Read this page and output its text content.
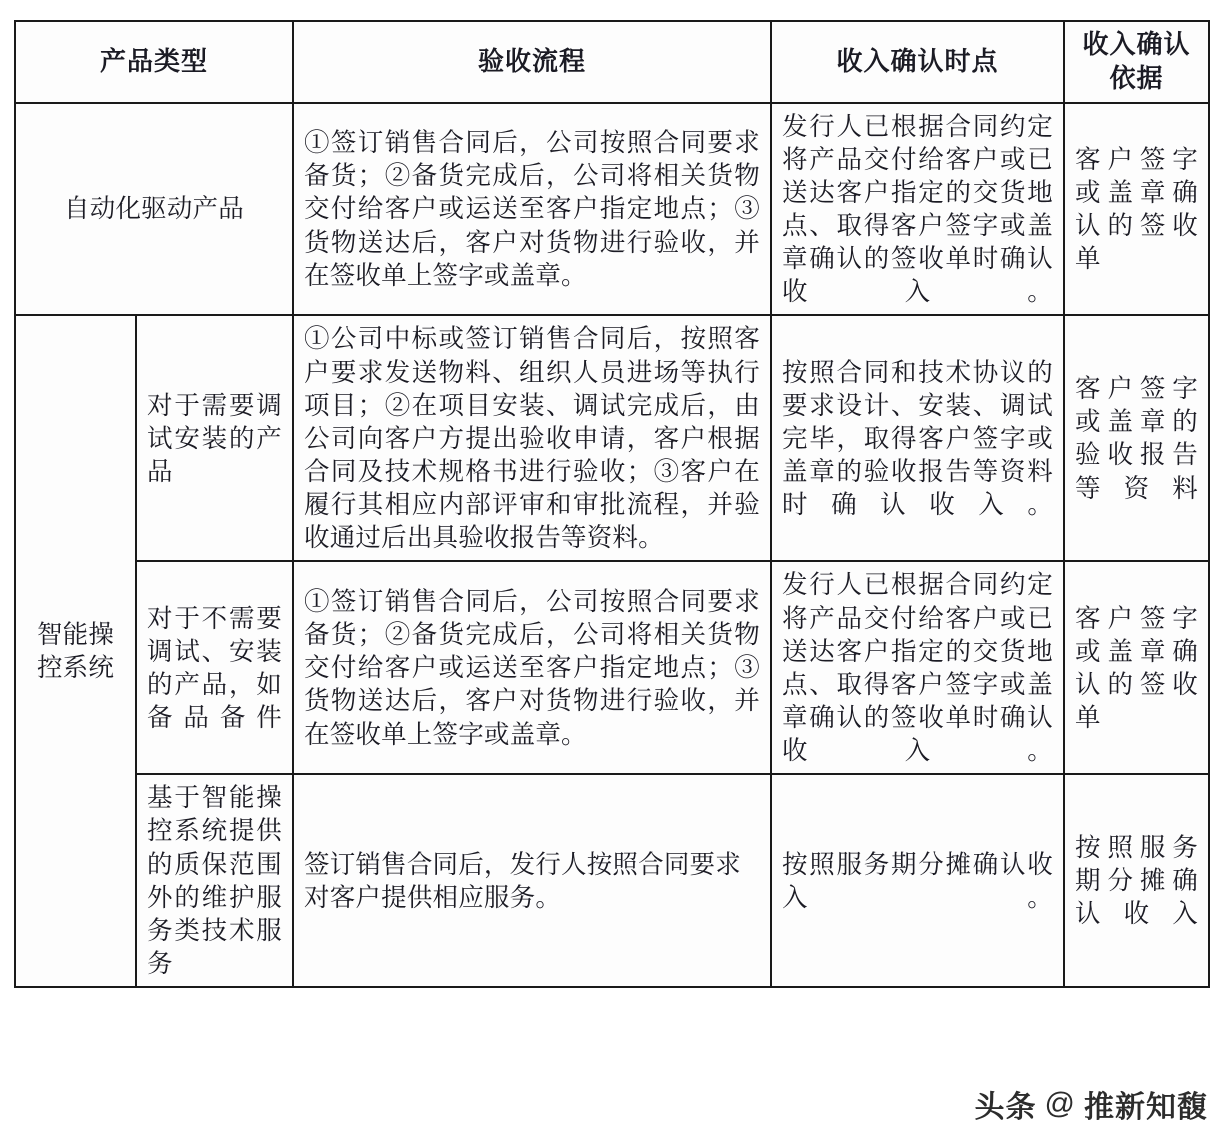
产品类型		验收流程	收入确认时点	收入确认依据
自动化驱动产品		①签订销售合同后，公司按照合同要求备货；②备货完成后，公司将相关货物交付给客户或运送至客户指定地点；③货物送达后，客户对货物进行验收，并在签收单上签字或盖章。	发行人已根据合同约定将产品交付给客户或已送达客户指定的交货地点、取得客户签字或盖章确认的签收单时确认收入。	客户签字或盖章确认的签收单
智能操控系统	对于需要调试安装的产品	①公司中标或签订销售合同后，按照客户要求发送物料、组织人员进场等执行项目；②在项目安装、调试完成后，由公司向客户方提出验收申请，客户根据合同及技术规格书进行验收；③客户在履行其相应内部评审和审批流程，并验收通过后出具验收报告等资料。	按照合同和技术协议的要求设计、安装、调试完毕，取得客户签字或盖章的验收报告等资料时确认收入。	客户签字或盖章的验收报告等资料
	对于不需要调试、安装的产品，如备品备件	①签订销售合同后，公司按照合同要求备货；②备货完成后，公司将相关货物交付给客户或运送至客户指定地点；③货物送达后，客户对货物进行验收，并在签收单上签字或盖章。	发行人已根据合同约定将产品交付给客户或已送达客户指定的交货地点、取得客户签字或盖章确认的签收单时确认收入。	客户签字或盖章确认的签收单
	基于智能操控系统提供的质保范围外的维护服务类技术服务	签订销售合同后，发行人按照合同要求对客户提供相应服务。	按照服务期分摊确认收入。	按照服务期分摊确认收入
头条 @ 推新知馥
